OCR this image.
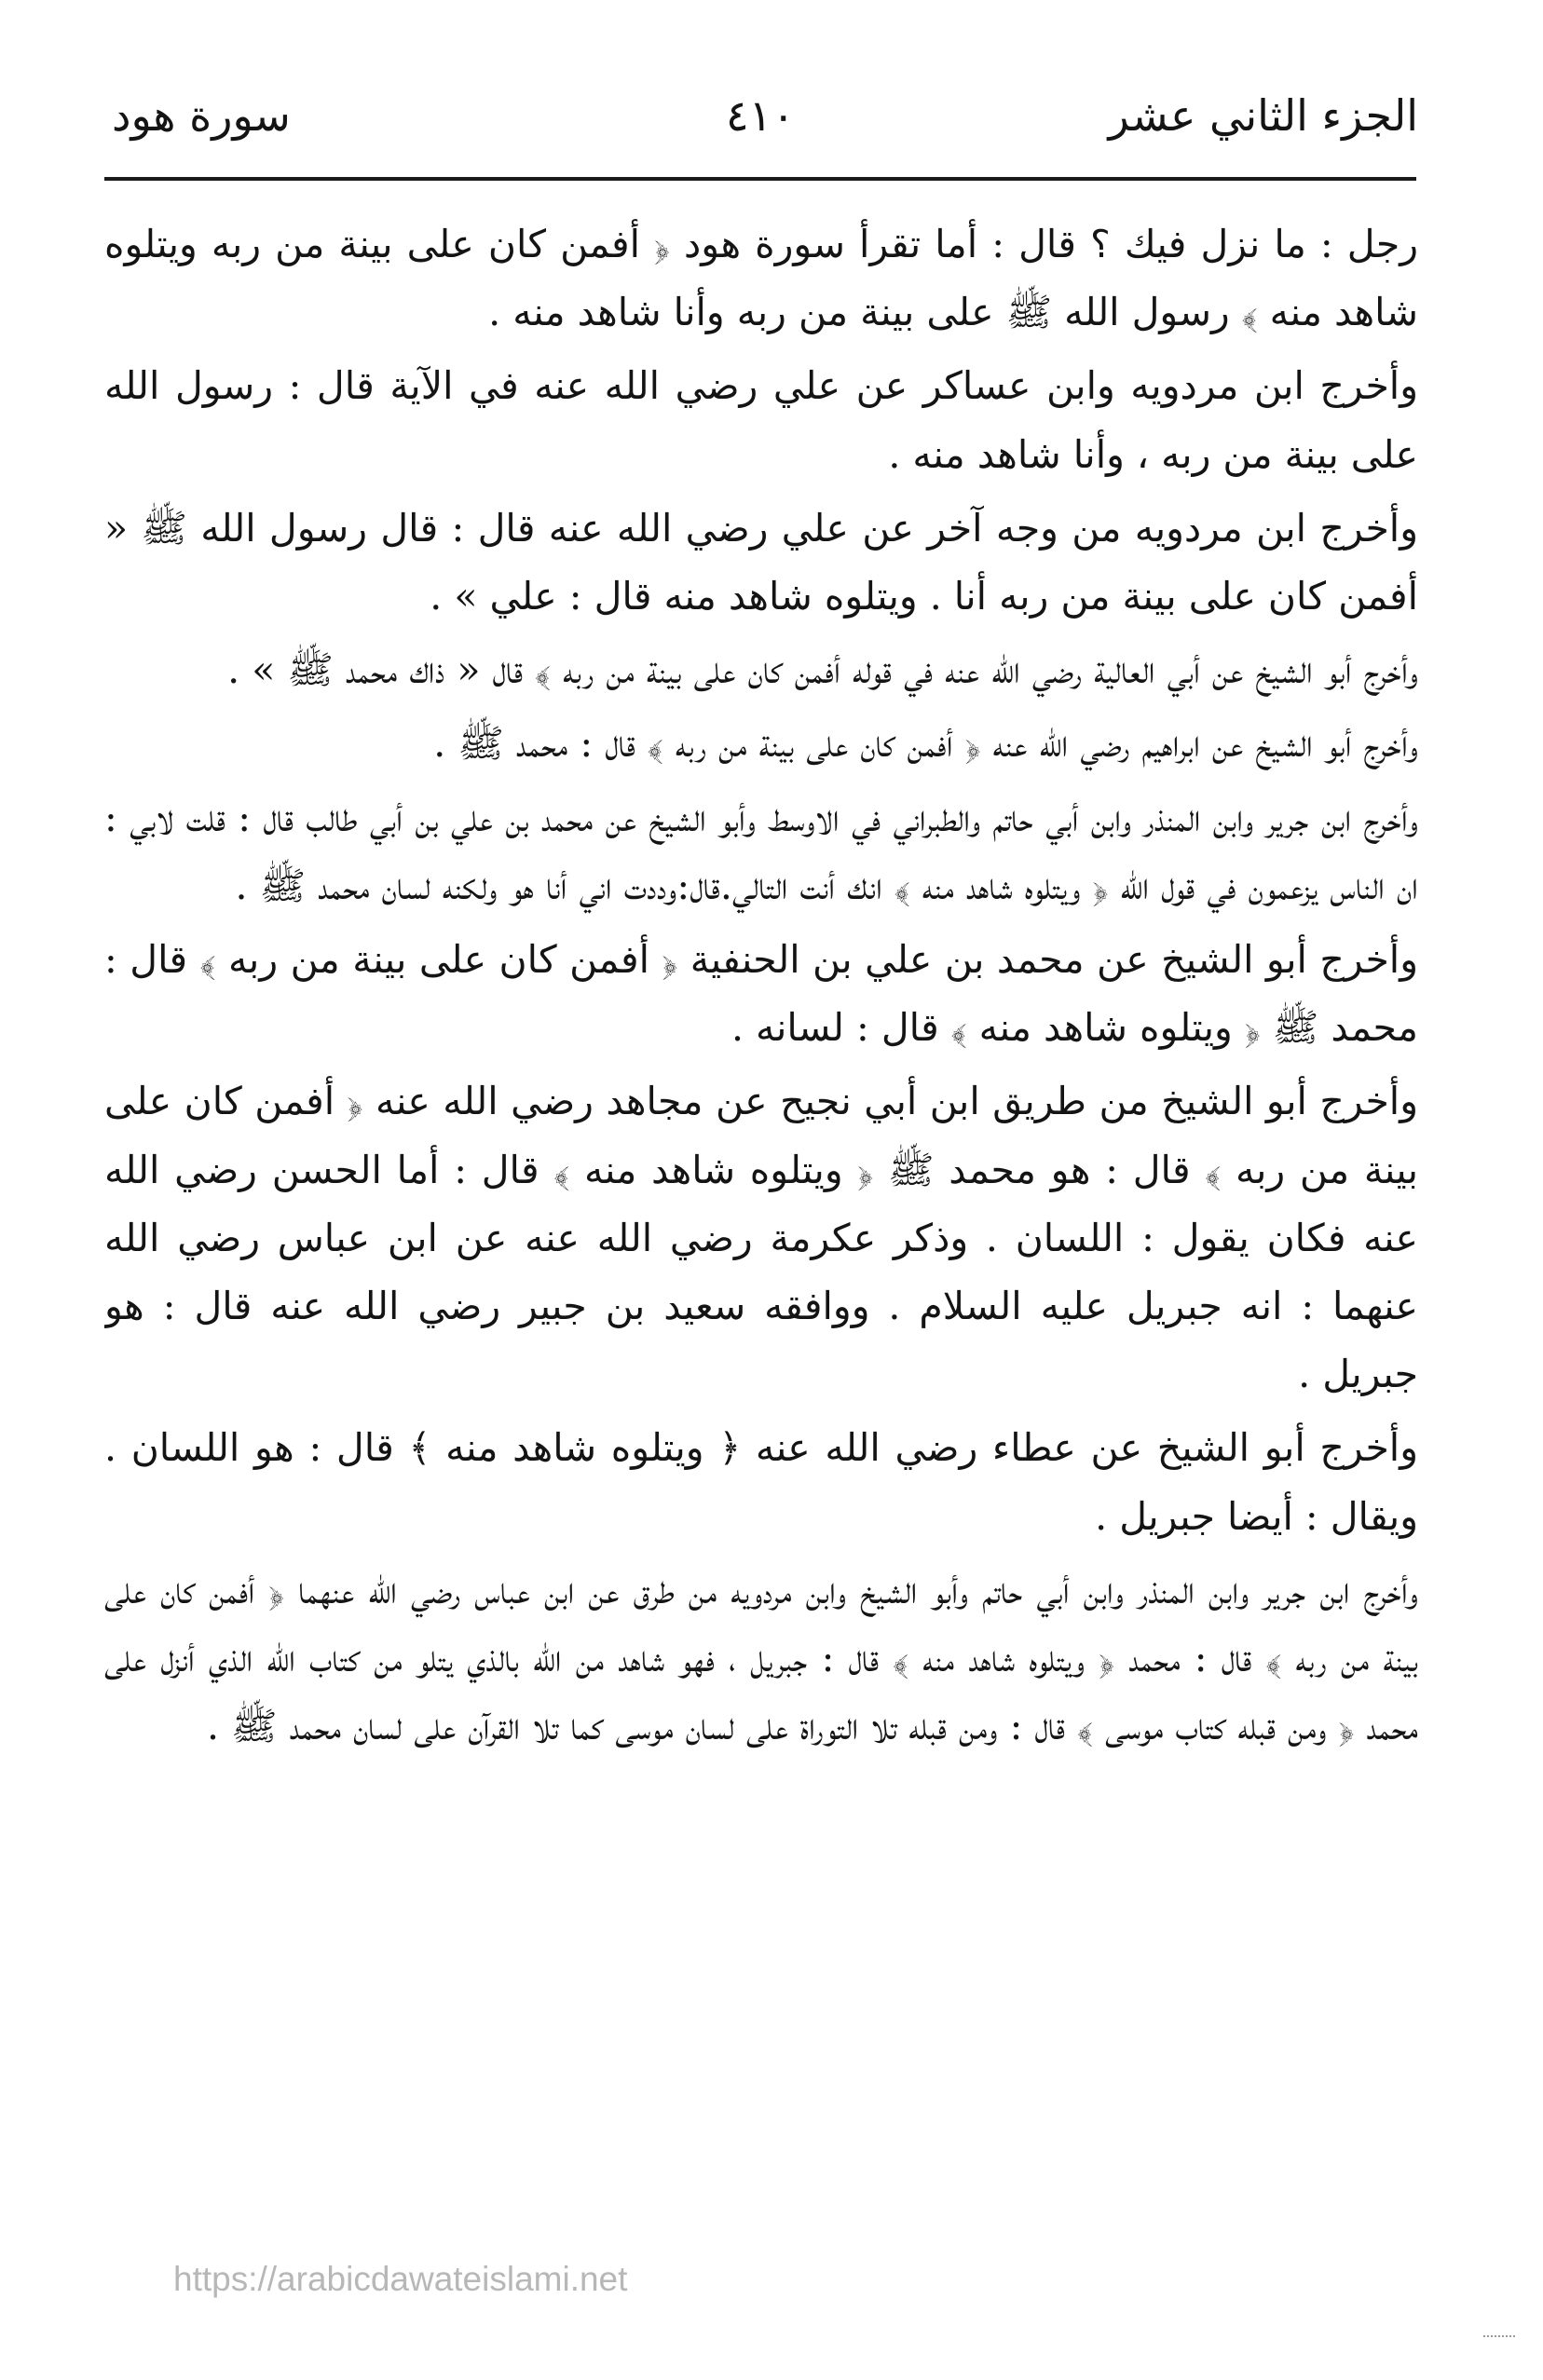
الجزء الثاني عشر
٤١٠
سورة هود

رجل : ما نزل فيك ؟ قال : أما تقرأ سورة هود ﴿ أفمن كان على بينة من ربه ويتلوه شاهد منه ﴾ رسول الله ﷺ على بينة من ربه وأنا شاهد منه .

وأخرج ابن مردويه وابن عساكر عن علي رضي الله عنه في الآية قال : رسول الله على بينة من ربه ، وأنا شاهد منه .

وأخرج ابن مردويه من وجه آخر عن علي رضي الله عنه قال : قال رسول الله ﷺ « أفمن كان على بينة من ربه أنا . ويتلوه شاهد منه قال : علي » .

وأخرج أبو الشيخ عن أبي العالية رضي الله عنه في قوله أفمن كان على بينة من ربه ﴾ قال « ذاك محمد ﷺ » .

وأخرج أبو الشيخ عن ابراهيم رضي الله عنه ﴿ أفمن كان على بينة من ربه ﴾ قال : محمد ﷺ .

وأخرج ابن جرير وابن المنذر وابن أبي حاتم والطبراني في الاوسط وأبو الشيخ عن محمد بن علي بن أبي طالب قال : قلت لابي : ان الناس يزعمون في قول الله ﴿ ويتلوه شاهد منه ﴾ انك أنت التالي.قال:وددت اني أنا هو ولكنه لسان محمد ﷺ .

وأخرج أبو الشيخ عن محمد بن علي بن الحنفية ﴿ أفمن كان على بينة من ربه ﴾ قال : محمد ﷺ ﴿ ويتلوه شاهد منه ﴾ قال : لسانه .

وأخرج أبو الشيخ من طريق ابن أبي نجيح عن مجاهد رضي الله عنه ﴿ أفمن كان على بينة من ربه ﴾ قال : هو محمد ﷺ ﴿ ويتلوه شاهد منه ﴾ قال : أما الحسن رضي الله عنه فكان يقول : اللسان . وذكر عكرمة رضي الله عنه عن ابن عباس رضي الله عنهما : انه جبريل عليه السلام . ووافقه سعيد بن جبير رضي الله عنه قال : هو جبريل .

وأخرج أبو الشيخ عن عطاء رضي الله عنه ﴿ ويتلوه شاهد منه ﴾ قال : هو اللسان . ويقال : أيضا جبريل .

وأخرج ابن جرير وابن المنذر وابن أبي حاتم وأبو الشيخ وابن مردويه من طرق عن ابن عباس رضي الله عنهما ﴿ أفمن كان على بينة من ربه ﴾ قال : محمد ﴿ ويتلوه شاهد منه ﴾ قال : جبريل ، فهو شاهد من الله بالذي يتلو من كتاب الله الذي أنزل على محمد ﴿ ومن قبله كتاب موسى ﴾ قال : ومن قبله تلا التوراة على لسان موسى كما تلا القرآن على لسان محمد ﷺ .

https://arabicdawateislami.net
